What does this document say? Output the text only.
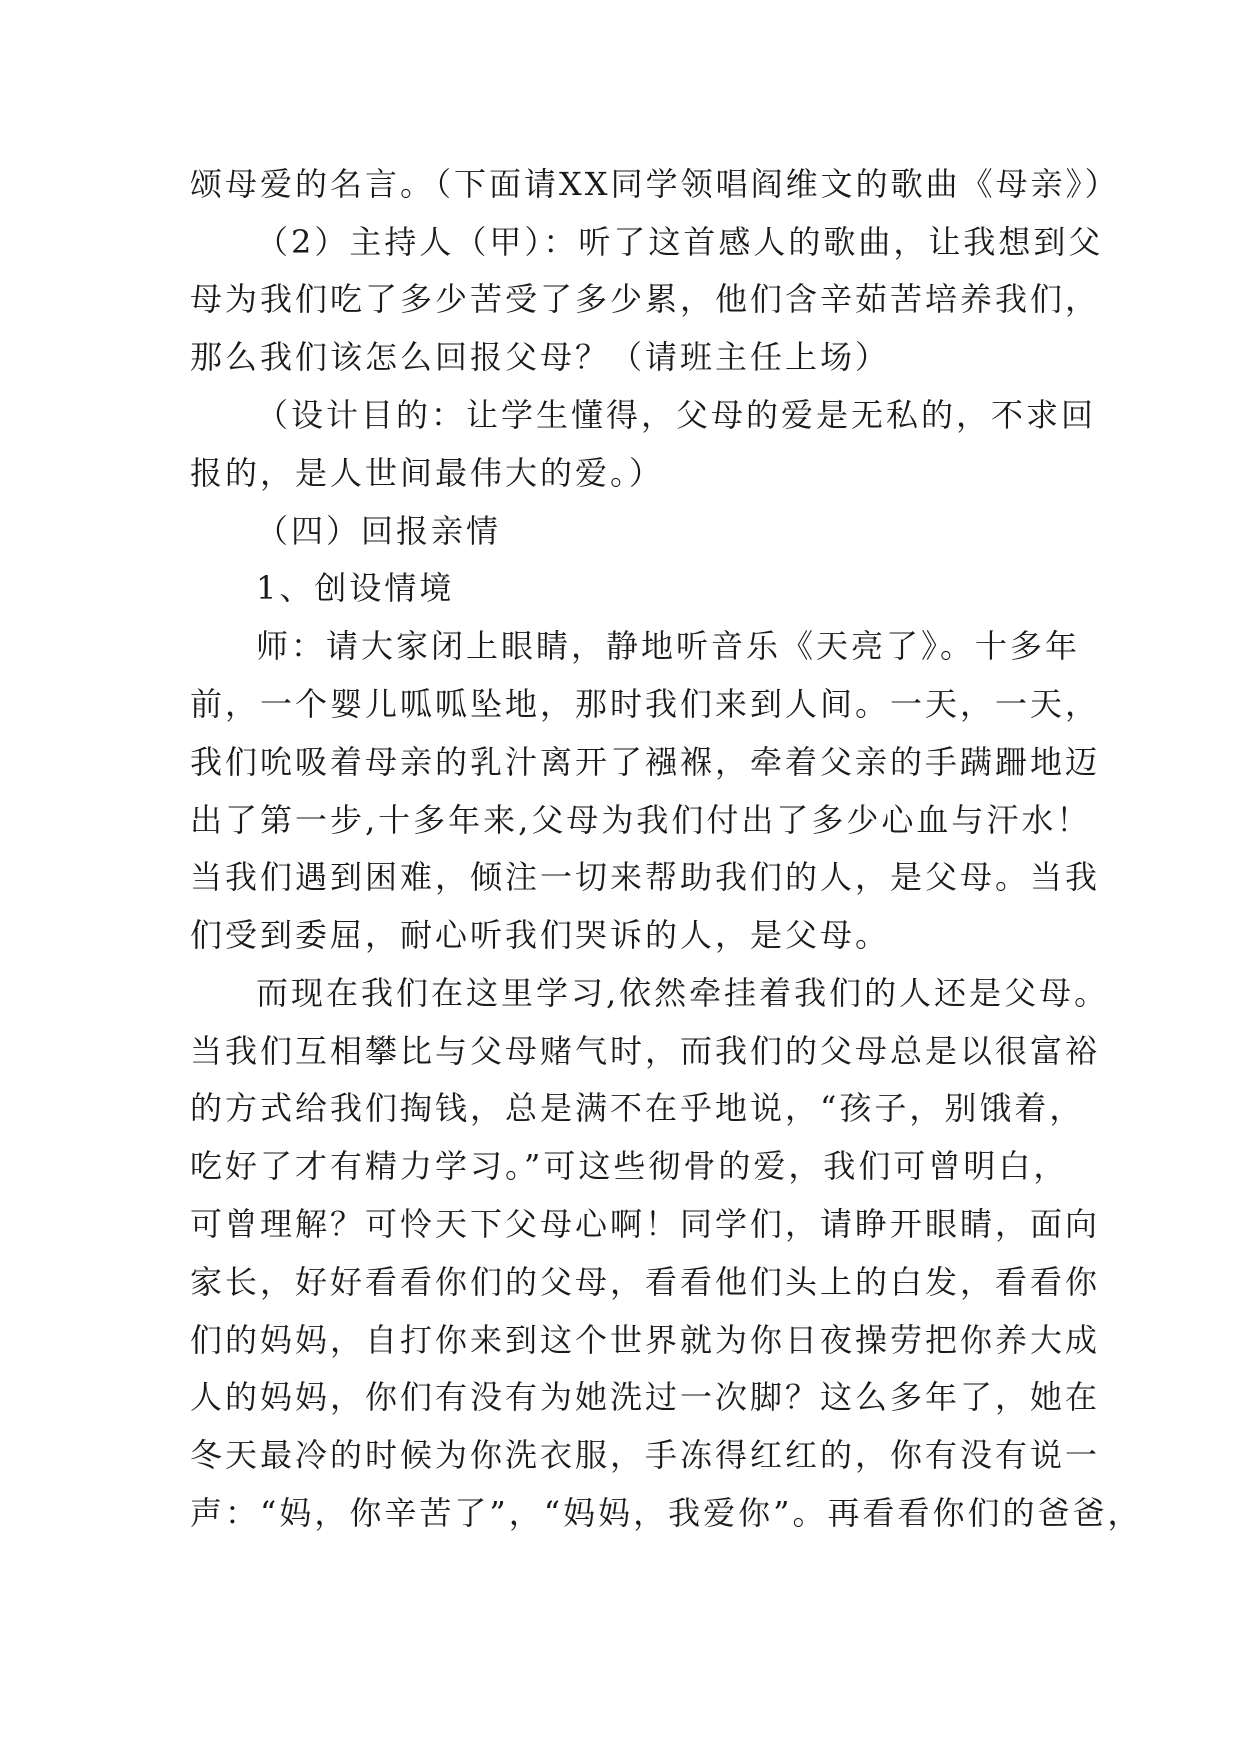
颂母爱的名言。（下面请XX同学领唱阎维文的歌曲《母亲》）
（2）主持人（甲）：听了这首感人的歌曲，让我想到父
母为我们吃了多少苦受了多少累，他们含辛茹苦培养我们，
那么我们该怎么回报父母？（请班主任上场）
（设计目的：让学生懂得，父母的爱是无私的，不求回
报的，是人世间最伟大的爱。）
（四）回报亲情
1、创设情境
师：请大家闭上眼睛，静地听音乐《天亮了》。十多年
前，一个婴儿呱呱坠地，那时我们来到人间。一天，一天，
我们吮吸着母亲的乳汁离开了襁褓，牵着父亲的手蹒跚地迈
出了第一步,十多年来,父母为我们付出了多少心血与汗水！
当我们遇到困难，倾注一切来帮助我们的人，是父母。当我
们受到委屈，耐心听我们哭诉的人，是父母。
而现在我们在这里学习,依然牵挂着我们的人还是父母。
当我们互相攀比与父母赌气时，而我们的父母总是以很富裕
的方式给我们掏钱，总是满不在乎地说，“孩子，别饿着，
吃好了才有精力学习。”可这些彻骨的爱，我们可曾明白，
可曾理解？可怜天下父母心啊！同学们，请睁开眼睛，面向
家长，好好看看你们的父母，看看他们头上的白发，看看你
们的妈妈，自打你来到这个世界就为你日夜操劳把你养大成
人的妈妈，你们有没有为她洗过一次脚？这么多年了，她在
冬天最冷的时候为你洗衣服，手冻得红红的，你有没有说一
声：“妈，你辛苦了”，“妈妈，我爱你”。再看看你们的爸爸，
